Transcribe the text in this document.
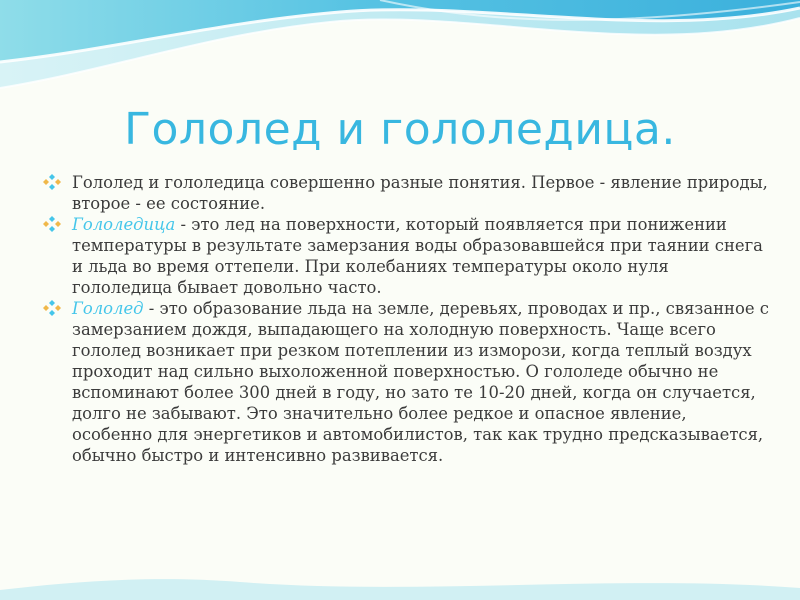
Гололед и гололедица.
Гололед и гололедица совершенно разные понятия. Первое - явление природы, второе - ее состояние.
Гололедица - это лед на поверхности, который появляется при понижении температуры в результате замерзания воды образовавшейся при таянии снега и льда во время оттепели. При колебаниях температуры около нуля гололедица бывает довольно часто.
Гололед - это образование льда на земле, деревьях, проводах и пр., связанное с замерзанием дождя, выпадающего на холодную поверхность. Чаще всего гололед возникает при резком потеплении из изморози, когда теплый воздух проходит над сильно выхоложенной поверхностью. О гололеде обычно не вспоминают более 300 дней в году, но зато те 10-20 дней, когда он случается, долго не забывают. Это значительно более редкое и опасное явление, особенно для энергетиков и автомобилистов, так как трудно предсказывается, обычно быстро и интенсивно развивается.
